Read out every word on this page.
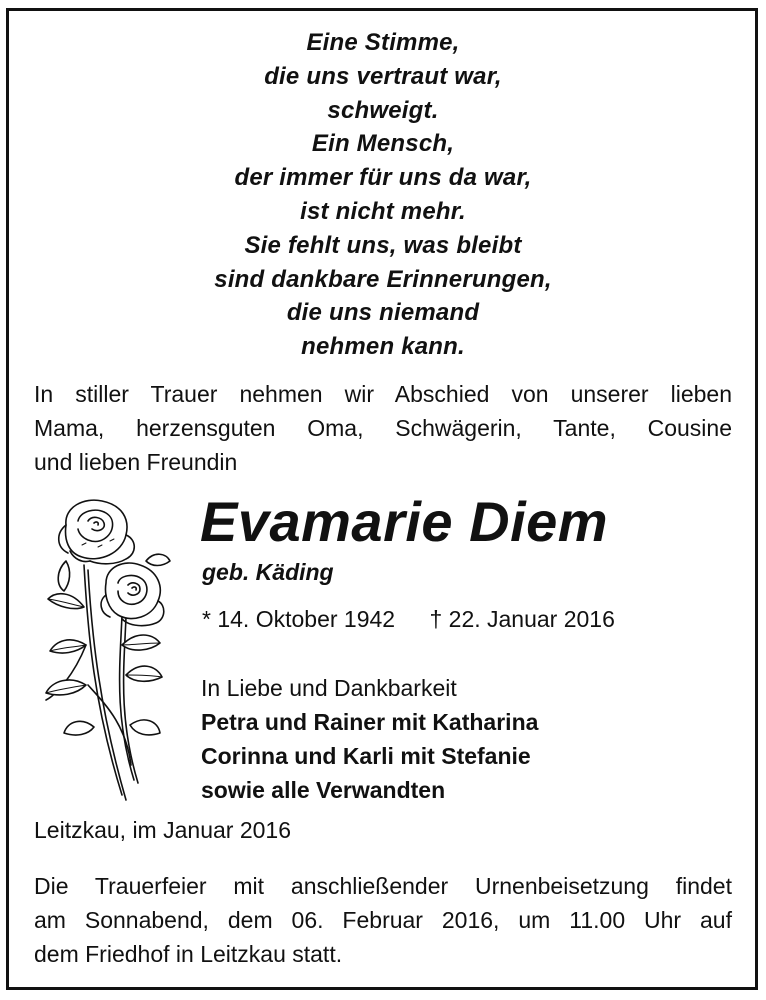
Eine Stimme,
die uns vertraut war,
schweigt.
Ein Mensch,
der immer für uns da war,
ist nicht mehr.
Sie fehlt uns, was bleibt
sind dankbare Erinnerungen,
die uns niemand
nehmen kann.
In stiller Trauer nehmen wir Abschied von unserer lieben
Mama, herzensguten Oma, Schwägerin, Tante, Cousine
und lieben Freundin
Evamarie Diem
geb. Käding
* 14. Oktober 1942 † 22. Januar 2016
In Liebe und Dankbarkeit
Petra und Rainer mit Katharina
Corinna und Karli mit Stefanie
sowie alle Verwandten
Leitzkau, im Januar 2016
Die Trauerfeier mit anschließender Urnenbeisetzung findet
am Sonnabend, dem 06. Februar 2016, um 11.00 Uhr auf
dem Friedhof in Leitzkau statt.
